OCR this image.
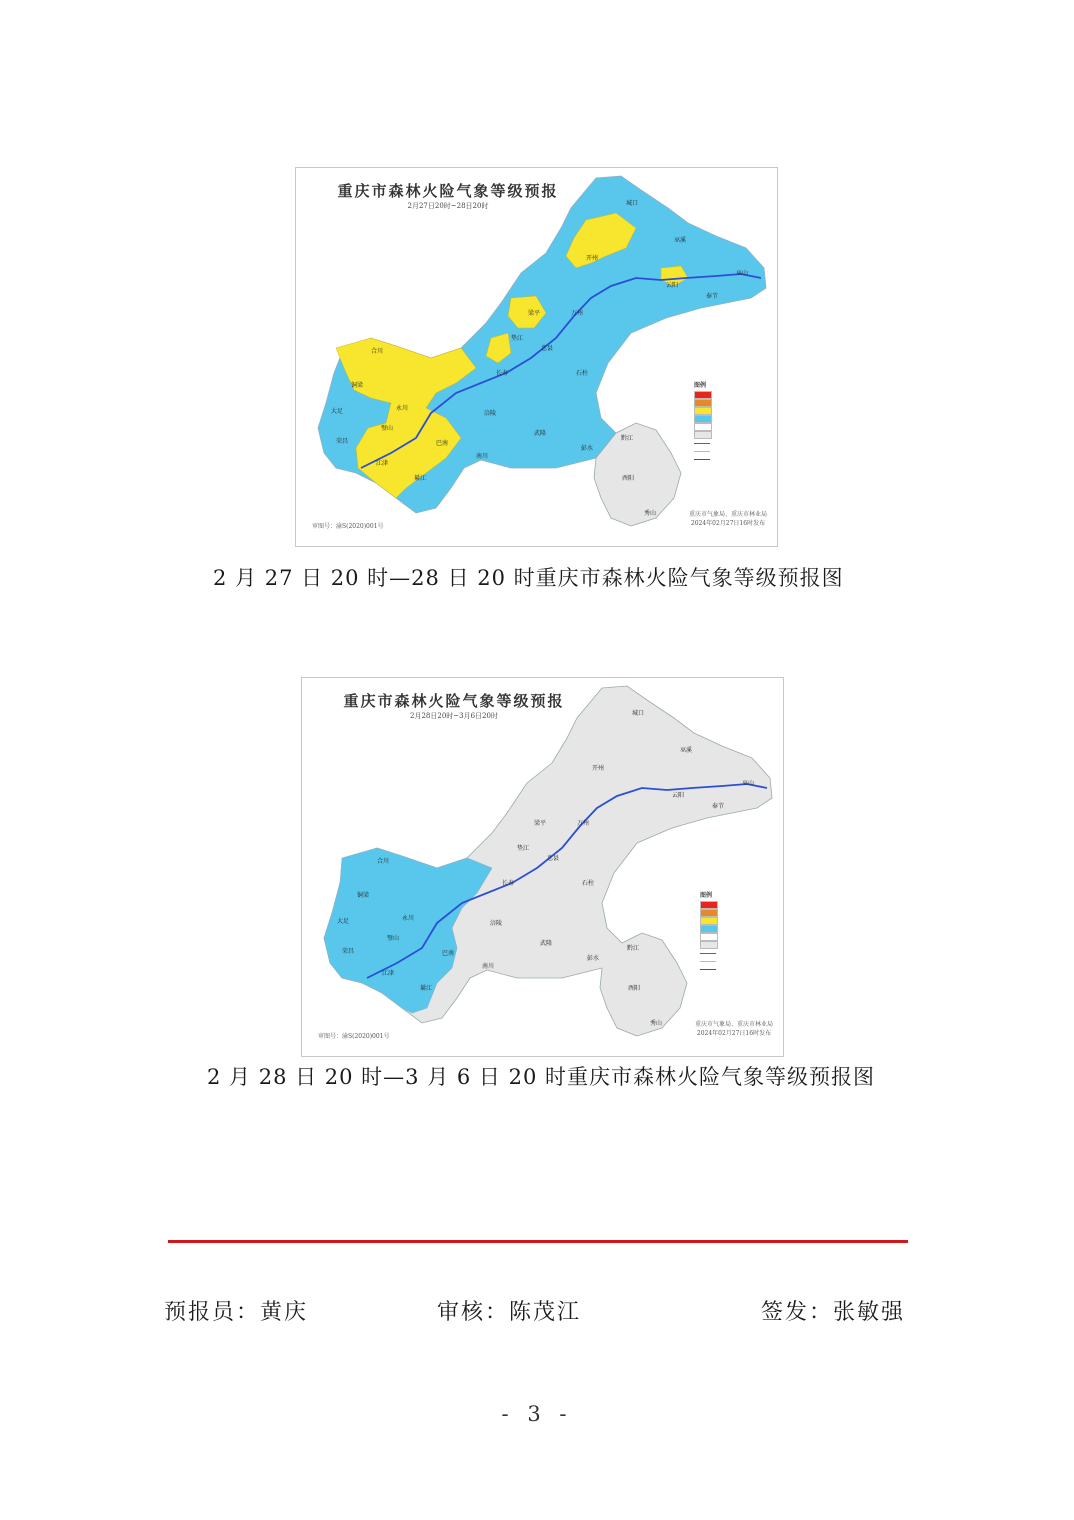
重庆市森林火险气象等级预报
2月27日20时~28日20时
审图号：渝S(2020)001号
重庆市气象局、重庆市林业局
2024年02月27日16时发布
图例
城口
巫溪
开州
云阳
奉节
巫山
梁平	万州
忠县
石柱
合川
铜梁
大足
璧山
涪陵
武隆
南川
彭水
黔江
酉阳
秀山
綦江
江津
巴南
长寿
垫江
永川
荣昌
2 月 27 日 20 时—28 日 20 时重庆市森林火险气象等级预报图
重庆市森林火险气象等级预报
2月28日20时~3月6日20时
审图号：渝S(2020)001号
重庆市气象局、重庆市林业局
2024年02月27日16时发布
图例
城口
巫溪
开州
云阳
奉节
巫山
梁平	万州
忠县
石柱
合川
铜梁
大足
璧山
涪陵
武隆
南川
彭水
黔江
酉阳
秀山
綦江
江津
巴南
长寿
垫江
永川
荣昌
2 月 28 日 20 时—3 月 6 日 20 时重庆市森林火险气象等级预报图
预报员：黄庆	审核：陈茂江	签发：张敏强
- 3 -
